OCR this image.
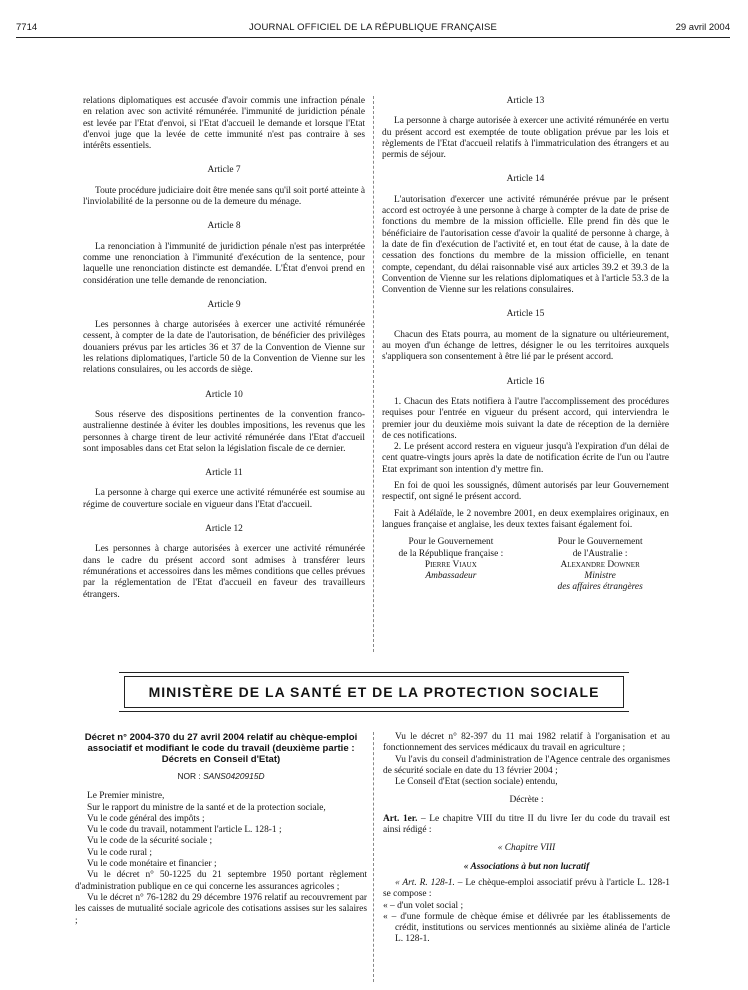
7714	JOURNAL OFFICIEL DE LA RÉPUBLIQUE FRANÇAISE	29 avril 2004

relations diplomatiques est accusée d'avoir commis une infraction pénale en relation avec son activité rémunérée. l'immunité de juridiction pénale est levée par l'Etat d'envoi, si l'Etat d'accueil le demande et lorsque l'Etat d'envoi juge que la levée de cette immunité n'est pas contraire à ses intérêts essentiels.

Article 7

Toute procédure judiciaire doit être menée sans qu'il soit porté atteinte à l'inviolabilité de la personne ou de la demeure du ménage.

Article 8

La renonciation à l'immunité de juridiction pénale n'est pas interprétée comme une renonciation à l'immunité d'exécution de la sentence, pour laquelle une renonciation distincte est demandée. L'État d'envoi prend en considération une telle demande de renonciation.

Article 9

Les personnes à charge autorisées à exercer une activité rémunérée cessent, à compter de la date de l'autorisation, de bénéficier des privilèges douaniers prévus par les articles 36 et 37 de la Convention de Vienne sur les relations diplomatiques, l'article 50 de la Convention de Vienne sur les relations consulaires, ou les accords de siège.

Article 10

Sous réserve des dispositions pertinentes de la convention franco-australienne destinée à éviter les doubles impositions, les revenus que les personnes à charge tirent de leur activité rémunérée dans l'Etat d'accueil sont imposables dans cet Etat selon la législation fiscale de ce dernier.

Article 11

La personne à charge qui exerce une activité rémunérée est soumise au régime de couverture sociale en vigueur dans l'Etat d'accueil.

Article 12

Les personnes à charge autorisées à exercer une activité rémunérée dans le cadre du présent accord sont admises à transférer leurs rémunérations et accessoires dans les mêmes conditions que celles prévues par la réglementation de l'Etat d'accueil en faveur des travailleurs étrangers.

Article 13

La personne à charge autorisée à exercer une activité rémunérée en vertu du présent accord est exemptée de toute obligation prévue par les lois et règlements de l'Etat d'accueil relatifs à l'immatriculation des étrangers et au permis de séjour.

Article 14

L'autorisation d'exercer une activité rémunérée prévue par le présent accord est octroyée à une personne à charge à compter de la date de prise de fonctions du membre de la mission officielle. Elle prend fin dès que le bénéficiaire de l'autorisation cesse d'avoir la qualité de personne à charge, à la date de fin d'exécution de l'activité et, en tout état de cause, à la date de cessation des fonctions du membre de la mission officielle, en tenant compte, cependant, du délai raisonnable visé aux articles 39.2 et 39.3 de la Convention de Vienne sur les relations diplomatiques et à l'article 53.3 de la Convention de Vienne sur les relations consulaires.

Article 15

Chacun des Etats pourra, au moment de la signature ou ultérieurement, au moyen d'un échange de lettres, désigner le ou les territoires auxquels s'appliquera son consentement à être lié par le présent accord.

Article 16

1. Chacun des Etats notifiera à l'autre l'accomplissement des procédures requises pour l'entrée en vigueur du présent accord, qui interviendra le premier jour du deuxième mois suivant la date de réception de la dernière de ces notifications.

2. Le présent accord restera en vigueur jusqu'à l'expiration d'un délai de cent quatre-vingts jours après la date de notification écrite de l'un ou l'autre Etat exprimant son intention d'y mettre fin.

En foi de quoi les soussignés, dûment autorisés par leur Gouvernement respectif, ont signé le présent accord.

Fait à Adélaïde, le 2 novembre 2001, en deux exemplaires originaux, en langues française et anglaise, les deux textes faisant également foi.

Pour le Gouvernement
de la République française :
Pierre Viaux
Ambassadeur
Pour le Gouvernement
de l'Australie :
Alexandre Downer
Ministre
des affaires étrangères
MINISTÈRE DE LA SANTÉ ET DE LA PROTECTION SOCIALE
Décret n° 2004-370 du 27 avril 2004 relatif au chèque-emploi associatif et modifiant le code du travail (deuxième partie : Décrets en Conseil d'Etat)
NOR : SANS0420915D

Le Premier ministre,

Sur le rapport du ministre de la santé et de la protection sociale,

Vu le code général des impôts ;

Vu le code du travail, notamment l'article L. 128-1 ;

Vu le code de la sécurité sociale ;

Vu le code rural ;

Vu le code monétaire et financier ;

Vu le décret n° 50-1225 du 21 septembre 1950 portant règlement d'administration publique en ce qui concerne les assurances agricoles ;

Vu le décret n° 76-1282 du 29 décembre 1976 relatif au recouvrement par les caisses de mutualité sociale agricole des cotisations assises sur les salaires ;

Vu le décret n° 82-397 du 11 mai 1982 relatif à l'organisation et au fonctionnement des services médicaux du travail en agriculture ;

Vu l'avis du conseil d'administration de l'Agence centrale des organismes de sécurité sociale en date du 13 février 2004 ;

Le Conseil d'Etat (section sociale) entendu,

Décrète :

Art. 1er. – Le chapitre VIII du titre II du livre Ier du code du travail est ainsi rédigé :

« Chapitre VIII
« Associations à but non lucratif

« Art. R. 128-1. – Le chèque-emploi associatif prévu à l'article L. 128-1 se compose :

« – d'un volet social ;

« – d'une formule de chèque émise et délivrée par les établissements de crédit, institutions ou services mentionnés au sixième alinéa de l'article L. 128-1.
